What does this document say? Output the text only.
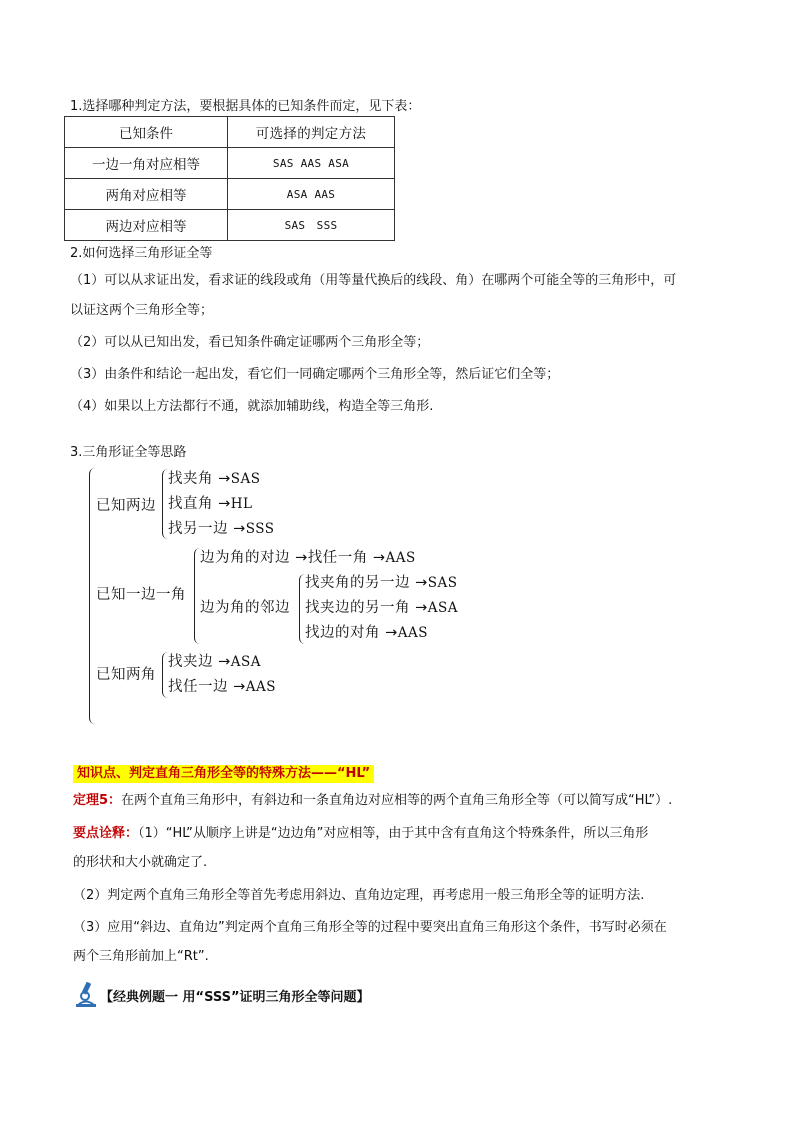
1.选择哪种判定方法，要根据具体的已知条件而定，见下表：
已知条件	可选择的判定方法
一边一角对应相等	SAS AAS ASA
两角对应相等	ASA AAS
两边对应相等	SAS　SSS
2.如何选择三角形证全等
（1）可以从求证出发，看求证的线段或角（用等量代换后的线段、角）在哪两个可能全等的三角形中，可
以证这两个三角形全等；
（2）可以从已知出发，看已知条件确定证哪两个三角形全等；
（3）由条件和结论一起出发，看它们一同确定哪两个三角形全等，然后证它们全等；
（4）如果以上方法都行不通，就添加辅助线，构造全等三角形.
3.三角形证全等思路
已知两边
找夹角 →SAS
找直角 →HL
找另一边 →SSS
已知一边一角
边为角的对边 →找任一角 →AAS
边为角的邻边
找夹角的另一边 →SAS
找夹边的另一角 →ASA
找边的对角 →AAS
已知两角
找夹边 →ASA
找任一边 →AAS
知识点、判定直角三角形全等的特殊方法——“HL”
定理5：在两个直角三角形中，有斜边和一条直角边对应相等的两个直角三角形全等（可以简写成“HL”）.
要点诠释：（1）“HL”从顺序上讲是“边边角”对应相等，由于其中含有直角这个特殊条件，所以三角形
的形状和大小就确定了.
（2）判定两个直角三角形全等首先考虑用斜边、直角边定理，再考虑用一般三角形全等的证明方法.
（3）应用“斜边、直角边”判定两个直角三角形全等的过程中要突出直角三角形这个条件，书写时必须在
两个三角形前加上“Rt”.
【经典例题一 用“SSS”证明三角形全等问题】
